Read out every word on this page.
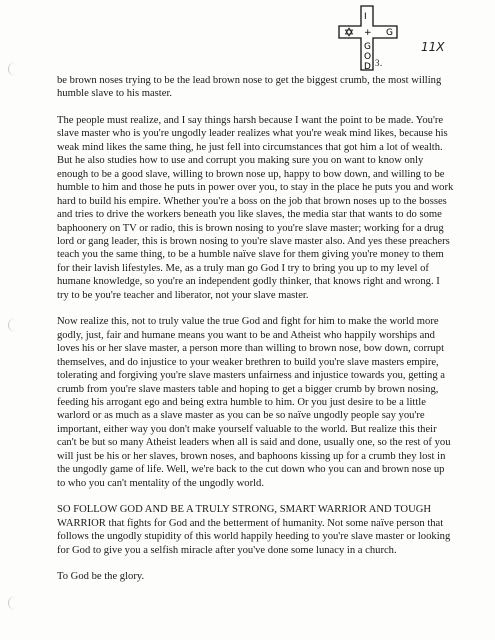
I
+
G
O
D
G
11X
3.

be brown noses trying to be the lead brown nose to get the biggest crumb, the most willing humble slave to his master.

The people must realize, and I say things harsh because I want the point to be made. You're slave master who is you're ungodly leader realizes what you're weak mind likes, because his weak mind likes the same thing, he just fell into circumstances that got him a lot of wealth. But he also studies how to use and corrupt you making sure you on want to know only enough to be a good slave, willing to brown nose up, happy to bow down, and willing to be humble to him and those he puts in power over you, to stay in the place he puts you and work hard to build his empire. Whether you're a boss on the job that brown noses up to the bosses and tries to drive the workers beneath you like slaves, the media star that wants to do some baphoonery on TV or radio, this is brown nosing to you're slave master; working for a drug lord or gang leader, this is brown nosing to you're slave master also. And yes these preachers teach you the same thing, to be a humble naïve slave for them giving you're money to them for their lavish lifestyles. Me, as a truly man go God I try to bring you up to my level of humane knowledge, so you're an independent godly thinker, that knows right and wrong. I try to be you're teacher and liberator, not your slave master.

Now realize this, not to truly value the true God and fight for him to make the world more godly, just, fair and humane means you want to be and Atheist who happily worships and loves his or her slave master, a person more than willing to brown nose, bow down, corrupt themselves, and do injustice to your weaker brethren to build you're slave masters empire, tolerating and forgiving you're slave masters unfairness and injustice towards you, getting a crumb from you're slave masters table and hoping to get a bigger crumb by brown nosing, feeding his arrogant ego and being extra humble to him. Or you just desire to be a little warlord or as much as a slave master as you can be so naïve ungodly people say you're important, either way you don't make yourself valuable to the world. But realize this their can't be but so many Atheist leaders when all is said and done, usually one, so the rest of you will just be his or her slaves, brown noses, and baphoons kissing up for a crumb they lost in the ungodly game of life. Well, we're back to the cut down who you can and brown nose up to who you can't mentality of the ungodly world.

SO FOLLOW GOD AND BE A TRULY STRONG, SMART WARRIOR AND TOUGH WARRIOR that fights for God and the betterment of humanity. Not some naïve person that follows the ungodly stupidity of this world happily heeding to you're slave master or looking for God to give you a selfish miracle after you've done some lunacy in a church.

To God be the glory.
